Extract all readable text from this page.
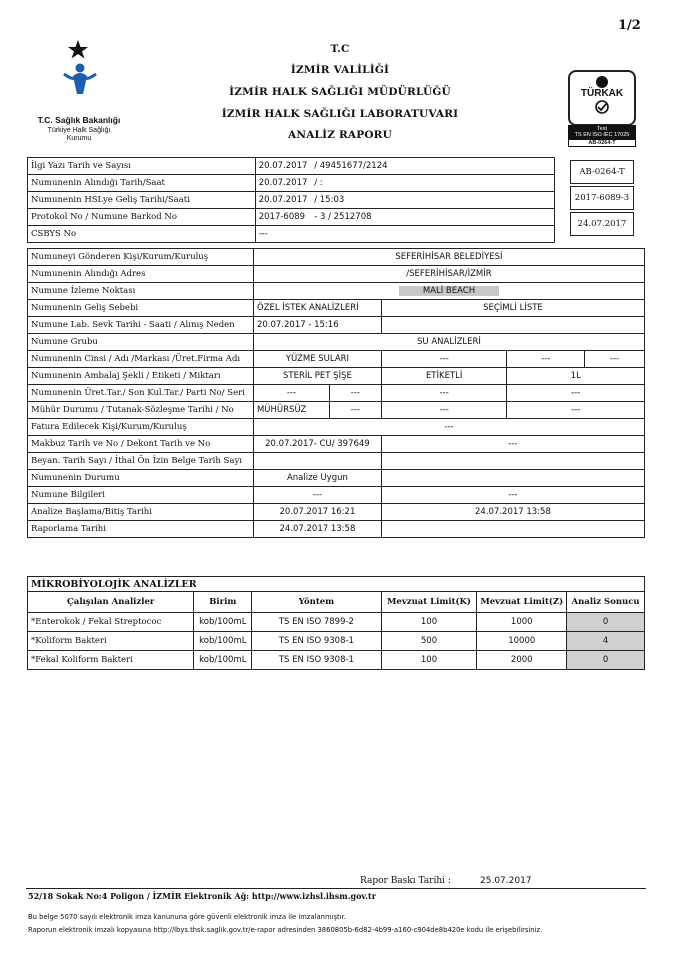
1/2
T.C. Sağlık Bakanlığı
Türkiye Halk Sağlığı
Kurumu
T.C
İZMİR VALİLİĞİ
İZMİR HALK SAĞLIĞI MÜDÜRLÜĞÜ
İZMİR HALK SAĞLIĞI LABORATUVARI
ANALİZ RAPORU
TÜRKAK
Test
TS EN ISO IEC 17025
AB-0264-T
AB-0264-T
2017-6089-3
24.07.2017
İlgi Yazı Tarih ve Sayısı	20.07.2017	/ 49451677/2124
Numunenin Alındığı Tarih/Saat	20.07.2017	/ :
Numunenin HSLye Geliş Tarihi/Saati	20.07.2017	/ 15:03
Protokol No / Numune Barkod No	2017-6089	- 3 / 2512708
CSBYS No	---	
Numuneyi Gönderen Kişi/Kurum/Kuruluş	SEFERİHİSAR BELEDİYESİ				
Numunenin Alındığı Adres	/SEFERİHİSAR/İZMİR				
Numune İzleme Noktası	MALİ BEACH				
Numunenin Geliş Sebebi	ÖZEL İSTEK ANALİZLERİ		SEÇİMLİ LİSTE		
Numune Lab. Sevk Tarihi - Saati / Alınış Neden	20.07.2017 - 15:16				
Numune Grubu	SU ANALİZLERİ				
Numunenin Cinsi / Adı /Markası /Üret.Firma Adı	YÜZME SULARI		---	---	---
Numunenin Ambalaj Şekli / Etiketi / Miktarı	STERİL PET ŞİŞE		ETİKETLİ	1L	
Numunenin Üret.Tar./ Son Kul.Tar./ Parti No/ Seri	---	---	---	---	
Mühür Durumu / Tutanak-Sözleşme Tarihi / No	MÜHÜRSÜZ	---	---	---	
Fatura Edilecek Kişi/Kurum/Kuruluş	---				
Makbuz Tarih ve No / Dekont Tarih ve No	20.07.2017- CU/ 397649		---		
Beyan. Tarih Sayı / İthal Ön İzin Belge Tarih Sayı					
Numunenin Durumu	Analize Uygun				
Numune Bilgileri	---		---		
Analize Başlama/Bitiş Tarihi	20.07.2017 16:21		24.07.2017 13:58		
Raporlama Tarihi	24.07.2017 13:58				
MİKROBİYOLOJİK ANALİZLER					
Çalışılan Analizler	Birim	Yöntem	Mevzuat Limit(K)	Mevzuat Limit(Z)	Analiz Sonucu
*Enterokok / Fekal Streptococ	kob/100mL	TS EN ISO 7899-2	100	1000	0
*Koliform Bakteri	kob/100mL	TS EN ISO 9308-1	500	10000	4
*Fekal Koliform Bakteri	kob/100mL	TS EN ISO 9308-1	100	2000	0
Rapor Baskı Tarihi :	25.07.2017
52/18 Sokak No:4 Poligon / İZMİR Elektronik Ağ: http://www.izhsl.ihsm.gov.tr
Bu belge 5070 sayılı elektronik imza kanununa göre güvenli elektronik imza ile imzalanmıştır.
Raporun elektronik imzalı kopyasına http://lbys.thsk.saglik.gov.tr/e-rapor adresinden 3860805b-6d82-4b99-a160-c904de8b420e kodu ile erişebilirsiniz.
